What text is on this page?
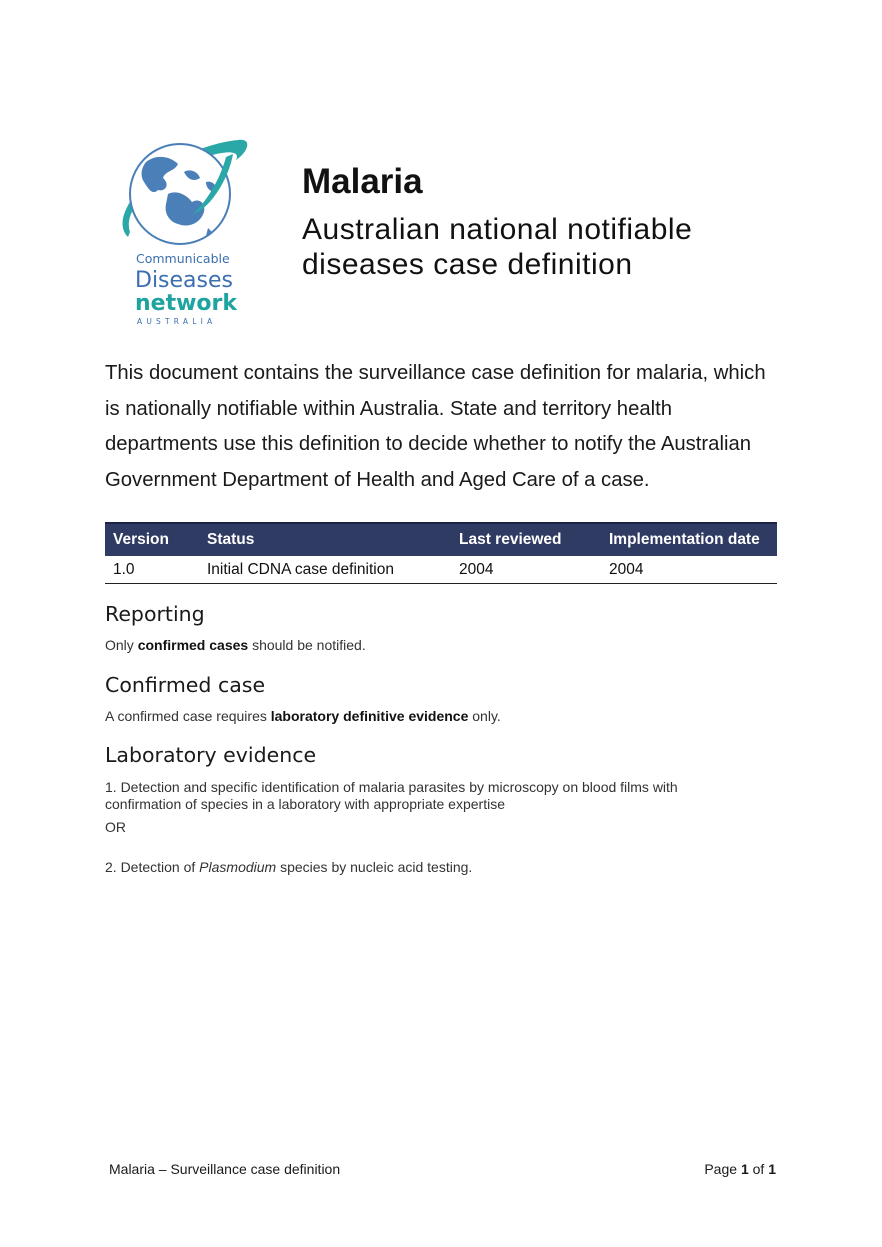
Communicable
Diseases
network
AUSTRALIA
Malaria

Australian national notifiable
diseases case definition

This document contains the surveillance case definition for malaria, which is nationally notifiable within Australia. State and territory health departments use this definition to decide whether to notify the Australian Government Department of Health and Aged Care of a case.

Version	Status	Last reviewed	Implementation date
1.0	Initial CDNA case definition	2004	2004
Reporting

Only confirmed cases should be notified.

Confirmed case

A confirmed case requires laboratory definitive evidence only.

Laboratory evidence

1. Detection and specific identification of malaria parasites by microscopy on blood films with confirmation of species in a laboratory with appropriate expertise

OR

2. Detection of Plasmodium species by nucleic acid testing.

Malaria – Surveillance case definition	Page 1 of 1
